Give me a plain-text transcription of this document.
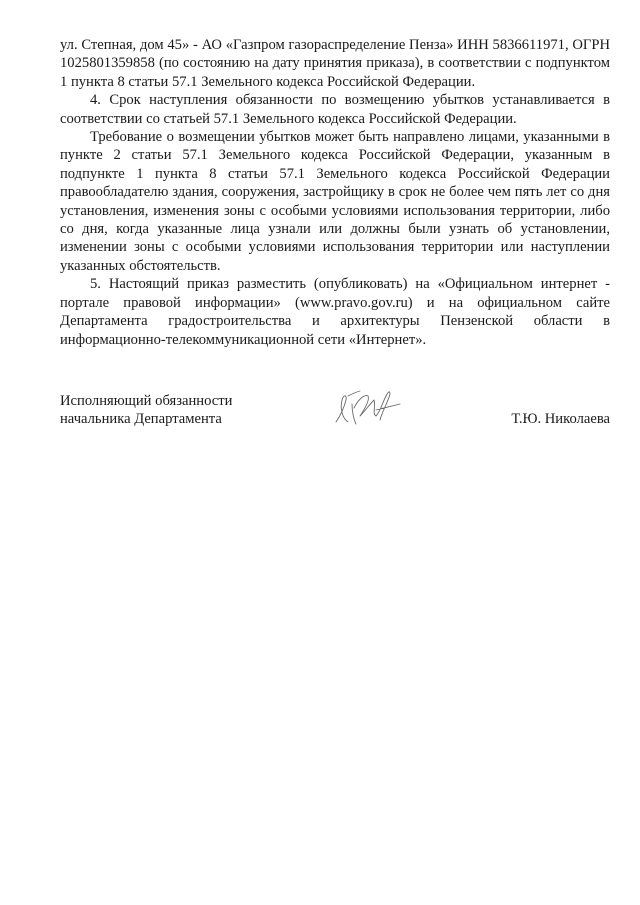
ул. Степная, дом 45» - АО «Газпром газораспределение Пенза» ИНН 5836611971, ОГРН 1025801359858 (по состоянию на дату принятия приказа), в соответствии с подпунктом 1 пункта 8 статьи 57.1 Земельного кодекса Российской Федерации.

4. Срок наступления обязанности по возмещению убытков устанавливается в соответствии со статьей 57.1 Земельного кодекса Российской Федерации.

Требование о возмещении убытков может быть направлено лицами, указанными в пункте 2 статьи 57.1 Земельного кодекса Российской Федерации, указанным в подпункте 1 пункта 8 статьи 57.1 Земельного кодекса Российской Федерации правообладателю здания, сооружения, застройщику в срок не более чем пять лет со дня установления, изменения зоны с особыми условиями использования территории, либо со дня, когда указанные лица узнали или должны были узнать об установлении, изменении зоны с особыми условиями использования территории или наступлении указанных обстоятельств.

5. Настоящий приказ разместить (опубликовать) на «Официальном интернет - портале правовой информации» (www.pravo.gov.ru) и на официальном сайте Департамента градостроительства и архитектуры Пензенской области в информационно-телекоммуникационной сети «Интернет».

Исполняющий обязанности
начальника Департамента	Т.Ю. Николаева
